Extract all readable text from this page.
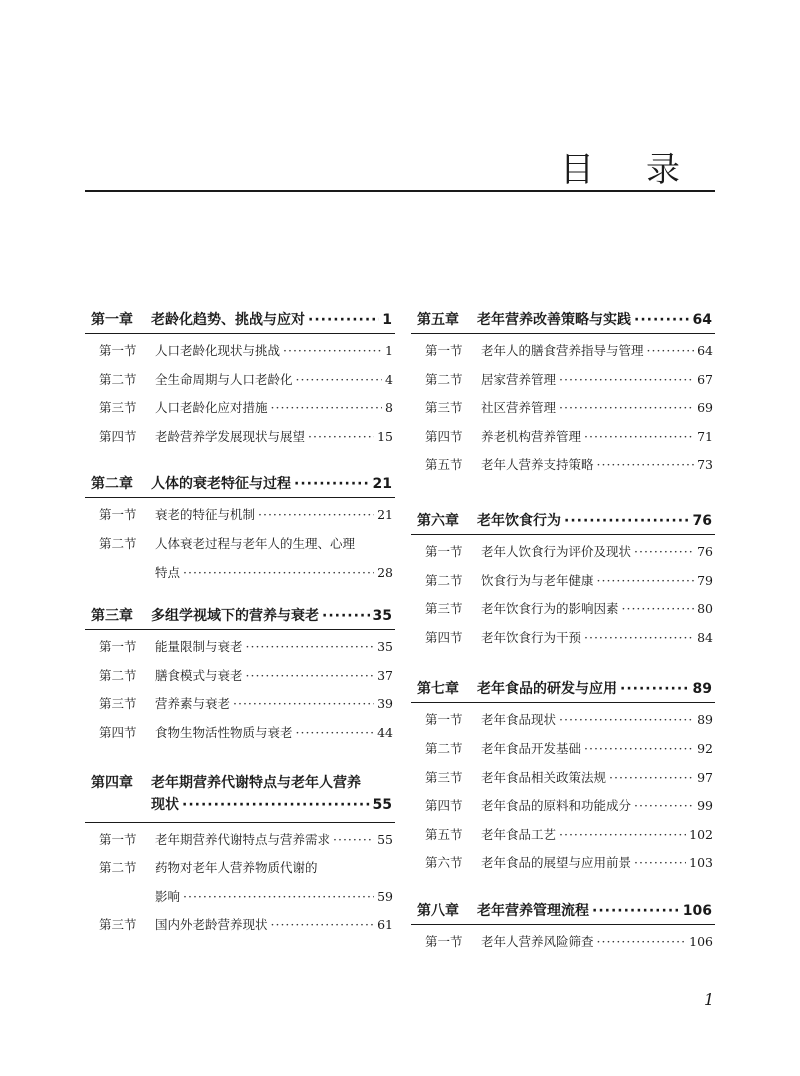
目录
第一章	老龄化趋势、挑战与应对 ·····	1
第一节	人口老龄化现状与挑战 ·····	1
第二节	全生命周期与人口老龄化 ·····	4
第三节	人口老龄化应对措施 ·····	8
第四节	老龄营养学发展现状与展望 ·····	15
第二章	人体的衰老特征与过程 ·····	21
第一节	衰老的特征与机制 ·····	21
第二节	人体衰老过程与老年人的生理、心理
特点 ·····	28
第三章	多组学视域下的营养与衰老 ·····	35
第一节	能量限制与衰老 ·····	35
第二节	膳食模式与衰老 ·····	37
第三节	营养素与衰老 ·····	39
第四节	食物生物活性物质与衰老 ·····	44
第四章	老年期营养代谢特点与老年人营养
现状 ·····	55
第一节	老年期营养代谢特点与营养需求 ·····	55
第二节	药物对老年人营养物质代谢的
影响 ·····	59
第三节	国内外老龄营养现状 ·····	61
第五章	老年营养改善策略与实践 ·····	64
第一节	老年人的膳食营养指导与管理 ·····	64
第二节	居家营养管理 ·····	67
第三节	社区营养管理 ·····	69
第四节	养老机构营养管理 ·····	71
第五节	老年人营养支持策略 ·····	73
第六章	老年饮食行为 ·····	76
第一节	老年人饮食行为评价及现状 ·····	76
第二节	饮食行为与老年健康 ·····	79
第三节	老年饮食行为的影响因素 ·····	80
第四节	老年饮食行为干预 ·····	84
第七章	老年食品的研发与应用 ·····	89
第一节	老年食品现状 ·····	89
第二节	老年食品开发基础 ·····	92
第三节	老年食品相关政策法规 ·····	97
第四节	老年食品的原料和功能成分 ·····	99
第五节	老年食品工艺 ·····	102
第六节	老年食品的展望与应用前景 ·····	103
第八章	老年营养管理流程 ·····	106
第一节	老年人营养风险筛查 ·····	106
1
